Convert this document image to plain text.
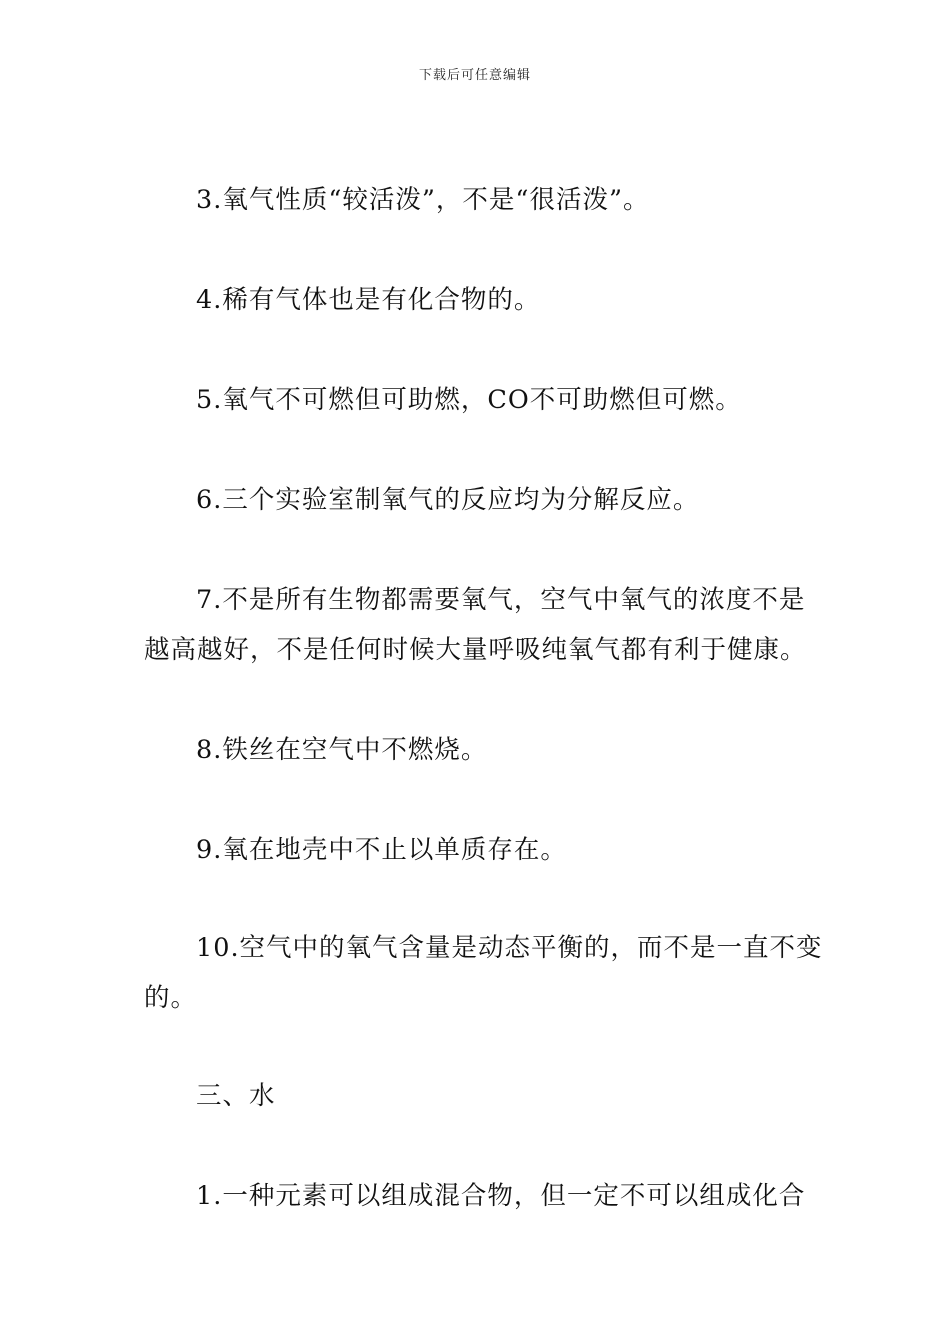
下载后可任意编辑
3.氧气性质“较活泼”，不是“很活泼”。
4.稀有气体也是有化合物的。
5.氧气不可燃但可助燃，CO不可助燃但可燃。
6.三个实验室制氧气的反应均为分解反应。
7.不是所有生物都需要氧气，空气中氧气的浓度不是
越高越好，不是任何时候大量呼吸纯氧气都有利于健康。
8.铁丝在空气中不燃烧。
9.氧在地壳中不止以单质存在。
10.空气中的氧气含量是动态平衡的，而不是一直不变
的。
三、水
1.一种元素可以组成混合物，但一定不可以组成化合
